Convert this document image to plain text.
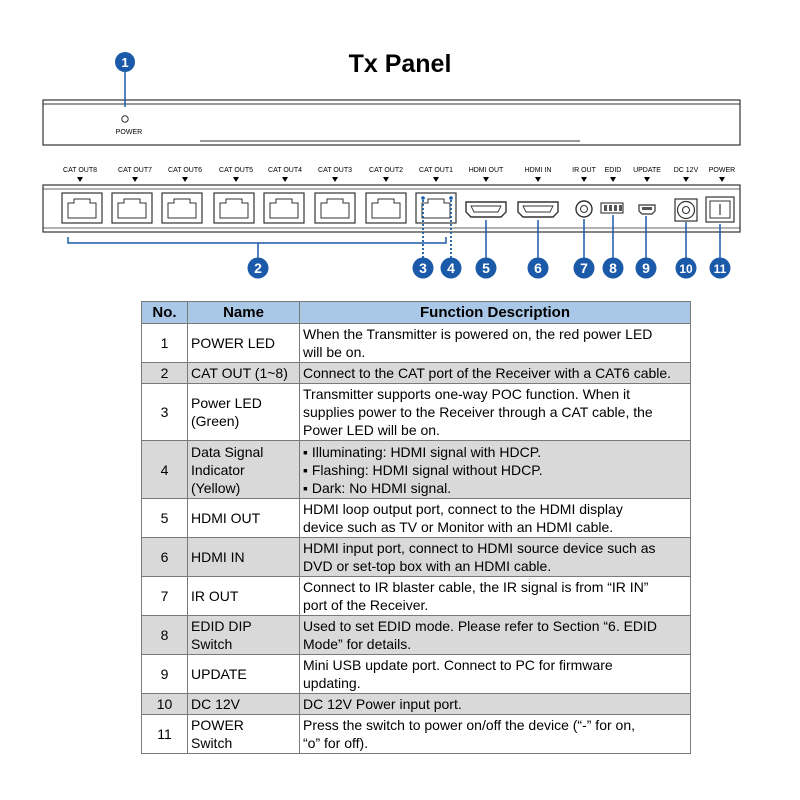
Tx Panel
POWER
1
CAT OUT8	CAT OUT7 CAT OUT6 CAT OUT5 CAT OUT4 CAT OUT3 CAT OUT2 CAT OUT1 HDMI OUT	HDMI IN	IR OUT EDID UPDATE DC 12V POWER
2	3 4 5	6	7 8 9 10 11
No.	Name	Function Description
1	POWER LED	When the Transmitter is powered on, the red power LED
will be on.
2	CAT OUT (1~8)	Connect to the CAT port of the Receiver with a CAT6 cable.
3	Power LED
(Green)	Transmitter supports one-way POC function. When it
supplies power to the Receiver through a CAT cable, the
Power LED will be on.
4	Data Signal
Indicator
(Yellow)	▪ Illuminating: HDMI signal with HDCP.
▪ Flashing: HDMI signal without HDCP.
▪ Dark: No HDMI signal.
5	HDMI OUT	HDMI loop output port, connect to the HDMI display
device such as TV or Monitor with an HDMI cable.
6	HDMI IN	HDMI input port, connect to HDMI source device such as
DVD or set-top box with an HDMI cable.
7	IR OUT	Connect to IR blaster cable, the IR signal is from “IR IN”
port of the Receiver.
8	EDID DIP
Switch	Used to set EDID mode. Please refer to Section “6. EDID
Mode” for details.
9	UPDATE	Mini USB update port. Connect to PC for firmware
updating.
10	DC 12V	DC 12V Power input port.
11	POWER
Switch	Press the switch to power on/off the device (“-” for on,
“o” for off).
